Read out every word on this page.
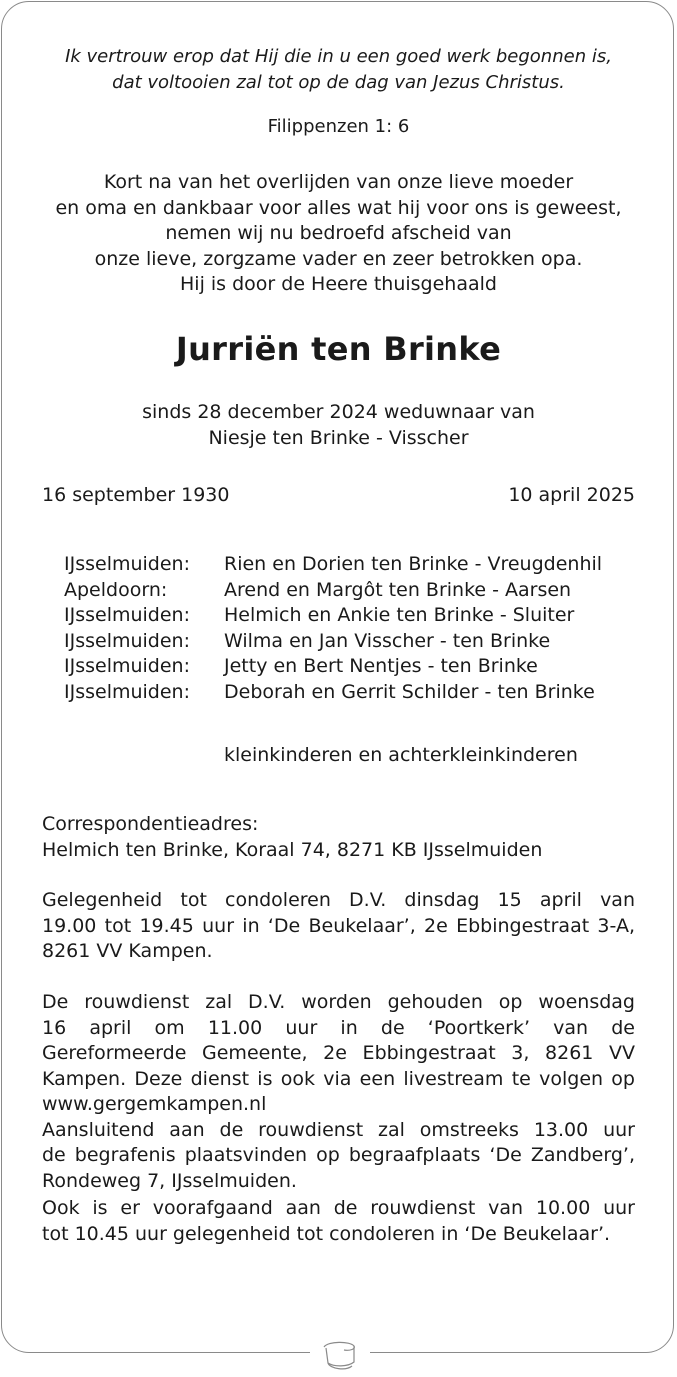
Ik vertrouw erop dat Hij die in u een goed werk begonnen is,
dat voltooien zal tot op de dag van Jezus Christus.
Filippenzen 1: 6
Kort na van het overlijden van onze lieve moeder
en oma en dankbaar voor alles wat hij voor ons is geweest,
nemen wij nu bedroefd afscheid van
onze lieve, zorgzame vader en zeer betrokken opa.
Hij is door de Heere thuisgehaald
Jurriën ten Brinke
sinds 28 december 2024 weduwnaar van
Niesje ten Brinke - Visscher
16 september 1930	10 april 2025
IJsselmuiden:	Rien en Dorien ten Brinke - Vreugdenhil
Apeldoorn:	Arend en Margôt ten Brinke - Aarsen
IJsselmuiden:	Helmich en Ankie ten Brinke - Sluiter
IJsselmuiden:	Wilma en Jan Visscher - ten Brinke
IJsselmuiden:	Jetty en Bert Nentjes - ten Brinke
IJsselmuiden:	Deborah en Gerrit Schilder - ten Brinke
kleinkinderen en achterkleinkinderen
Correspondentieadres:
Helmich ten Brinke, Koraal 74, 8271 KB IJsselmuiden
Gelegenheid tot condoleren D.V. dinsdag 15 april van
19.00 tot 19.45 uur in ‘De Beukelaar’, 2e Ebbingestraat 3-A,
8261 VV Kampen.
De rouwdienst zal D.V. worden gehouden op woensdag
16 april om 11.00 uur in de ‘Poortkerk’ van de
Gereformeerde Gemeente, 2e Ebbingestraat 3, 8261 VV
Kampen. Deze dienst is ook via een livestream te volgen op
www.gergemkampen.nl
Aansluitend aan de rouwdienst zal omstreeks 13.00 uur
de begrafenis plaatsvinden op begraafplaats ‘De Zandberg’,
Rondeweg 7, IJsselmuiden.
Ook is er voorafgaand aan de rouwdienst van 10.00 uur
tot 10.45 uur gelegenheid tot condoleren in ‘De Beukelaar’.
